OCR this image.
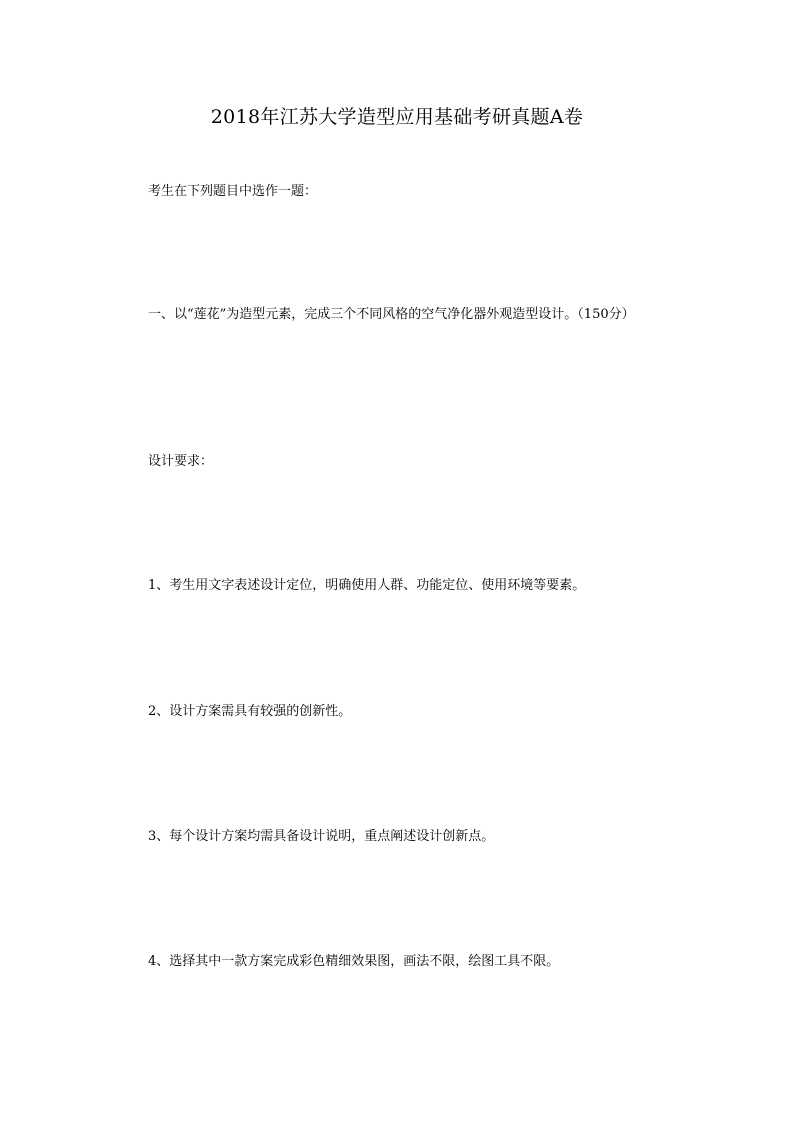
2018年江苏大学造型应用基础考研真题A卷
考生在下列题目中选作一题：
一、以“莲花”为造型元素，完成三个不同风格的空气净化器外观造型设计。（150分）
设计要求：
1、考生用文字表述设计定位，明确使用人群、功能定位、使用环境等要素。
2、设计方案需具有较强的创新性。
3、每个设计方案均需具备设计说明，重点阐述设计创新点。
4、选择其中一款方案完成彩色精细效果图，画法不限，绘图工具不限。
